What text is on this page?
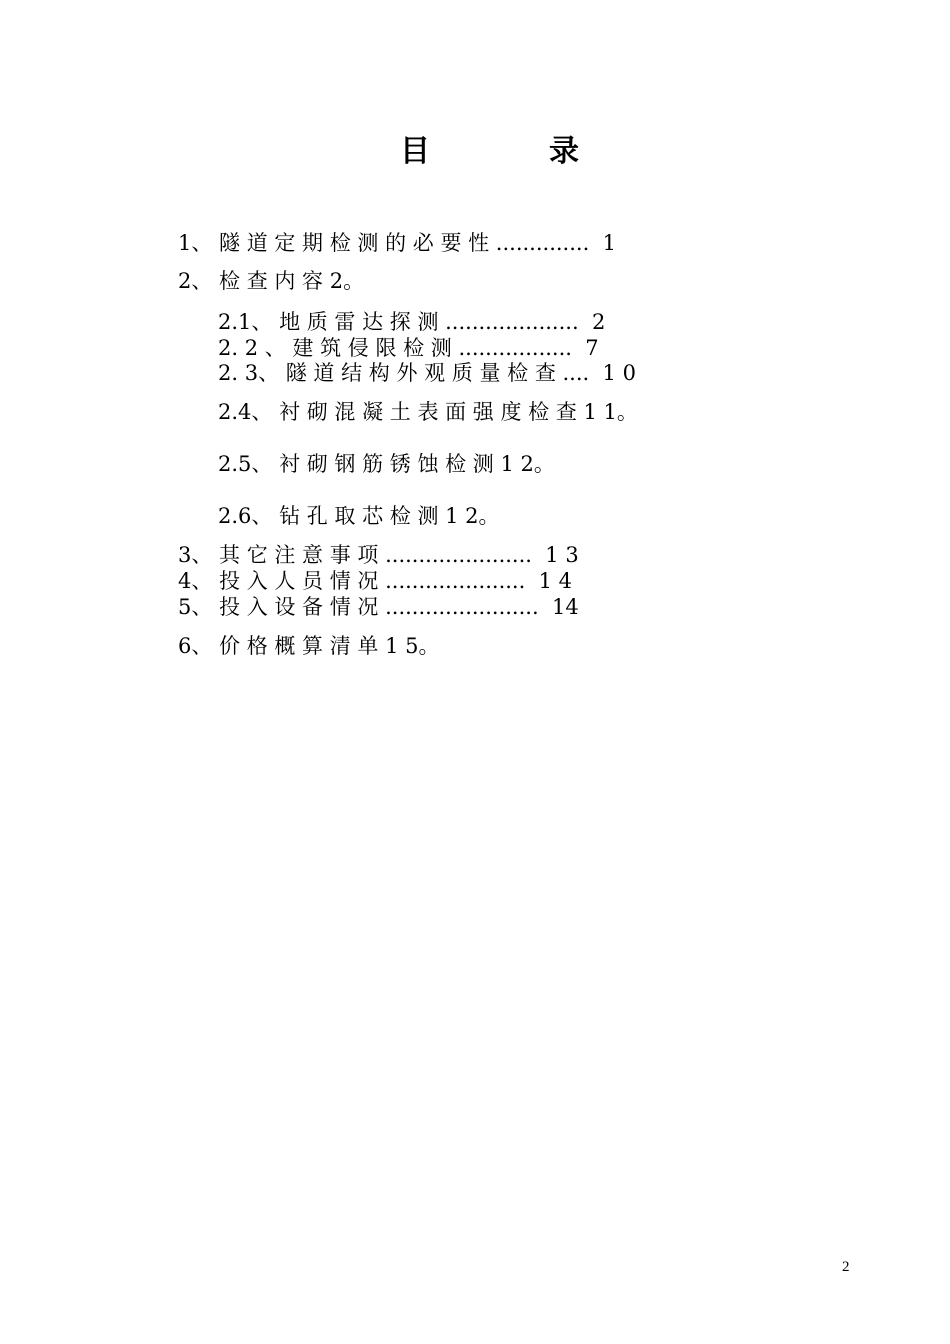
目	录
1、 隧 道 定 期 检 测 的 必 要 性 ..............  1
2、 检 查 内 容 2。
2.1、 地 质 雷 达 探 测 ....................  2
2. 2 、 建 筑 侵 限 检 测 .................  7
2. 3、 隧 道 结 构 外 观 质 量 检 查 ....  1 0
2.4、 衬 砌 混 凝 土 表 面 强 度 检 查 1 1。
2.5、 衬 砌 钢 筋 锈 蚀 检 测 1 2。
2.6、 钻 孔 取 芯 检 测 1 2。
3、 其 它 注 意 事 项 ......................  1 3
4、 投 入 人 员 情 况 .....................  1 4
5、 投 入 设 备 情 况 .......................  14
6、 价 格 概 算 清 单 1 5。
2
